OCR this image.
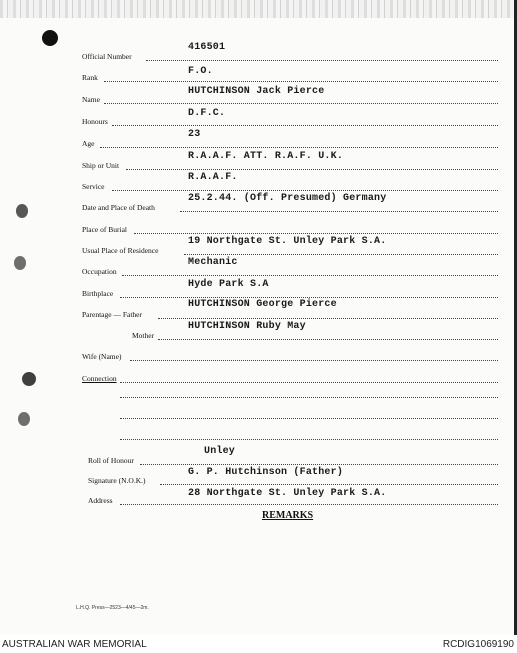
Official Number
416501
Rank
F.O.
Name
HUTCHINSON Jack Pierce
Honours
D.F.C.
Age
23
Ship or Unit
R.A.A.F. ATT. R.A.F. U.K.
Service
R.A.A.F.
Date and Place of Death
25.2.44. (Off. Presumed) Germany
Place of Burial
Usual Place of Residence
19 Northgate St. Unley Park S.A.
Occupation
Mechanic
Birthplace
Hyde Park S.A
Parentage — Father
HUTCHINSON George Pierce
Mother
HUTCHINSON Ruby May
Wife (Name)
Connection
Roll of Honour
Unley
Signature (N.O.K.)
G. P. Hutchinson (Father)
Address
28 Northgate St. Unley Park S.A.
REMARKS
L.H.Q. Press—2523—4/45—2m.
AUSTRALIAN WAR MEMORIAL	RCDIG1069190
